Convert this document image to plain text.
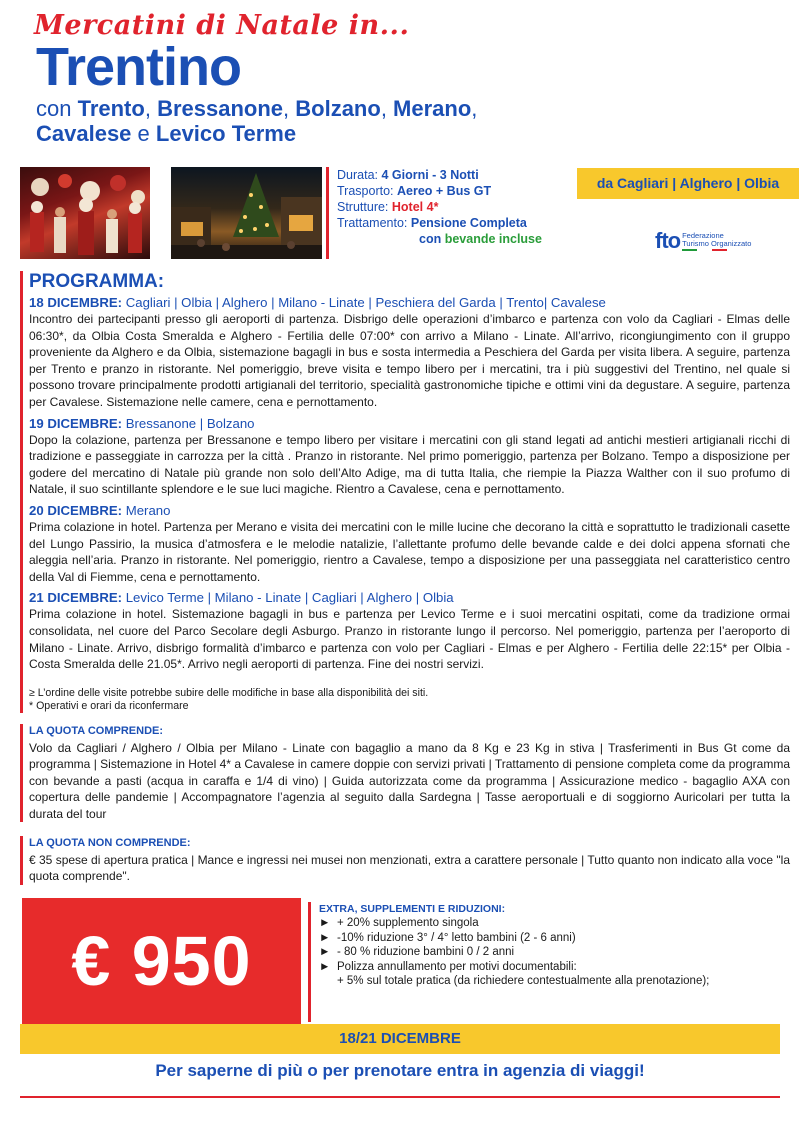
Mercatini di Natale in...
Trentino
con Trento, Bressanone, Bolzano, Merano,
Cavalese e Levico Terme
Durata: 4 Giorni - 3 Notti
Trasporto: Aereo + Bus GT
Strutture: Hotel 4*
Trattamento: Pensione Completa
con bevande incluse
da Cagliari | Alghero | Olbia
fto Federazione
Turismo Organizzato
PROGRAMMA:
18 DICEMBRE: Cagliari | Olbia | Alghero | Milano - Linate | Peschiera del Garda | Trento| Cavalese
Incontro dei partecipanti presso gli aeroporti di partenza. Disbrigo delle operazioni d’imbarco e partenza con volo da Cagliari - Elmas delle 06:30*, da Olbia Costa Smeralda e Alghero - Fertilia delle 07:00* con arrivo a Milano - Linate. All’arrivo, ricongiungimento con il gruppo proveniente da Alghero e da Olbia, sistemazione bagagli in bus e sosta intermedia a Peschiera del Garda per visita libera. A seguire, partenza per Trento e pranzo in ristorante. Nel pomeriggio, breve visita e tempo libero per i mercatini, tra i più suggestivi del Trentino, nel quale si possono trovare principalmente prodotti artigianali del territorio, specialità gastronomiche tipiche e ottimi vini da degustare. A seguire, partenza per Cavalese. Sistemazione nelle camere, cena e pernottamento.
19 DICEMBRE: Bressanone | Bolzano
Dopo la colazione, partenza per Bressanone e tempo libero per visitare i mercatini con gli stand legati ad antichi mestieri artigianali ricchi di tradizione e passeggiate in carrozza per la città . Pranzo in ristorante. Nel primo pomeriggio, partenza per Bolzano. Tempo a disposizione per godere del mercatino di Natale più grande non solo dell’Alto Adige, ma di tutta Italia, che riempie la Piazza Walther con il suo profumo di Natale, il suo scintillante splendore e le sue luci magiche. Rientro a Cavalese, cena e pernottamento.
20 DICEMBRE: Merano
Prima colazione in hotel. Partenza per Merano e visita dei mercatini con le mille lucine che decorano la città e soprattutto le tradizionali casette del Lungo Passirio, la musica d’atmosfera e le melodie natalizie, l’allettante profumo delle bevande calde e dei dolci appena sfornati che aleggia nell’aria. Pranzo in ristorante. Nel pomeriggio, rientro a Cavalese, tempo a disposizione per una passeggiata nel caratteristico centro della Val di Fiemme, cena e pernottamento.
21 DICEMBRE: Levico Terme | Milano - Linate | Cagliari | Alghero | Olbia
Prima colazione in hotel. Sistemazione bagagli in bus e partenza per Levico Terme e i suoi mercatini ospitati, come da tradizione ormai consolidata, nel cuore del Parco Secolare degli Asburgo. Pranzo in ristorante lungo il percorso. Nel pomeriggio, partenza per l’aeroporto di Milano - Linate. Arrivo, disbrigo formalità d’imbarco e partenza con volo per Cagliari - Elmas e per Alghero - Fertilia delle 22:15* per Olbia - Costa Smeralda delle 21.05*. Arrivo negli aeroporti di partenza. Fine dei nostri servizi.
≥ L’ordine delle visite potrebbe subire delle modifiche in base alla disponibilità dei siti.
* Operativi e orari da riconfermare
LA QUOTA COMPRENDE:
Volo da Cagliari / Alghero / Olbia per Milano - Linate con bagaglio a mano da 8 Kg e 23 Kg in stiva | Trasferimenti in Bus Gt come da programma | Sistemazione in Hotel 4* a Cavalese in camere doppie con servizi privati | Trattamento di pensione completa come da programma con bevande a pasti (acqua in caraffa e 1/4 di vino) | Guida autorizzata come da programma | Assicurazione medico - bagaglio AXA con copertura delle pandemie | Accompagnatore l’agenzia al seguito dalla Sardegna | Tasse aeroportuali e di soggiorno Auricolari per tutta la durata del tour
LA QUOTA NON COMPRENDE:
€ 35 spese di apertura pratica | Mance e ingressi nei musei non menzionati, extra a carattere personale | Tutto quanto non indicato alla voce "la quota comprende".
€ 950
EXTRA, SUPPLEMENTI E RIDUZIONI:
► + 20% supplemento singola
► -10% riduzione 3° / 4° letto bambini (2 - 6 anni)
► - 80 % riduzione bambini 0 / 2 anni
► Polizza annullamento per motivi documentabili:
+ 5% sul totale pratica (da richiedere contestualmente alla prenotazione);
18/21 DICEMBRE
Per saperne di più o per prenotare entra in agenzia di viaggi!
